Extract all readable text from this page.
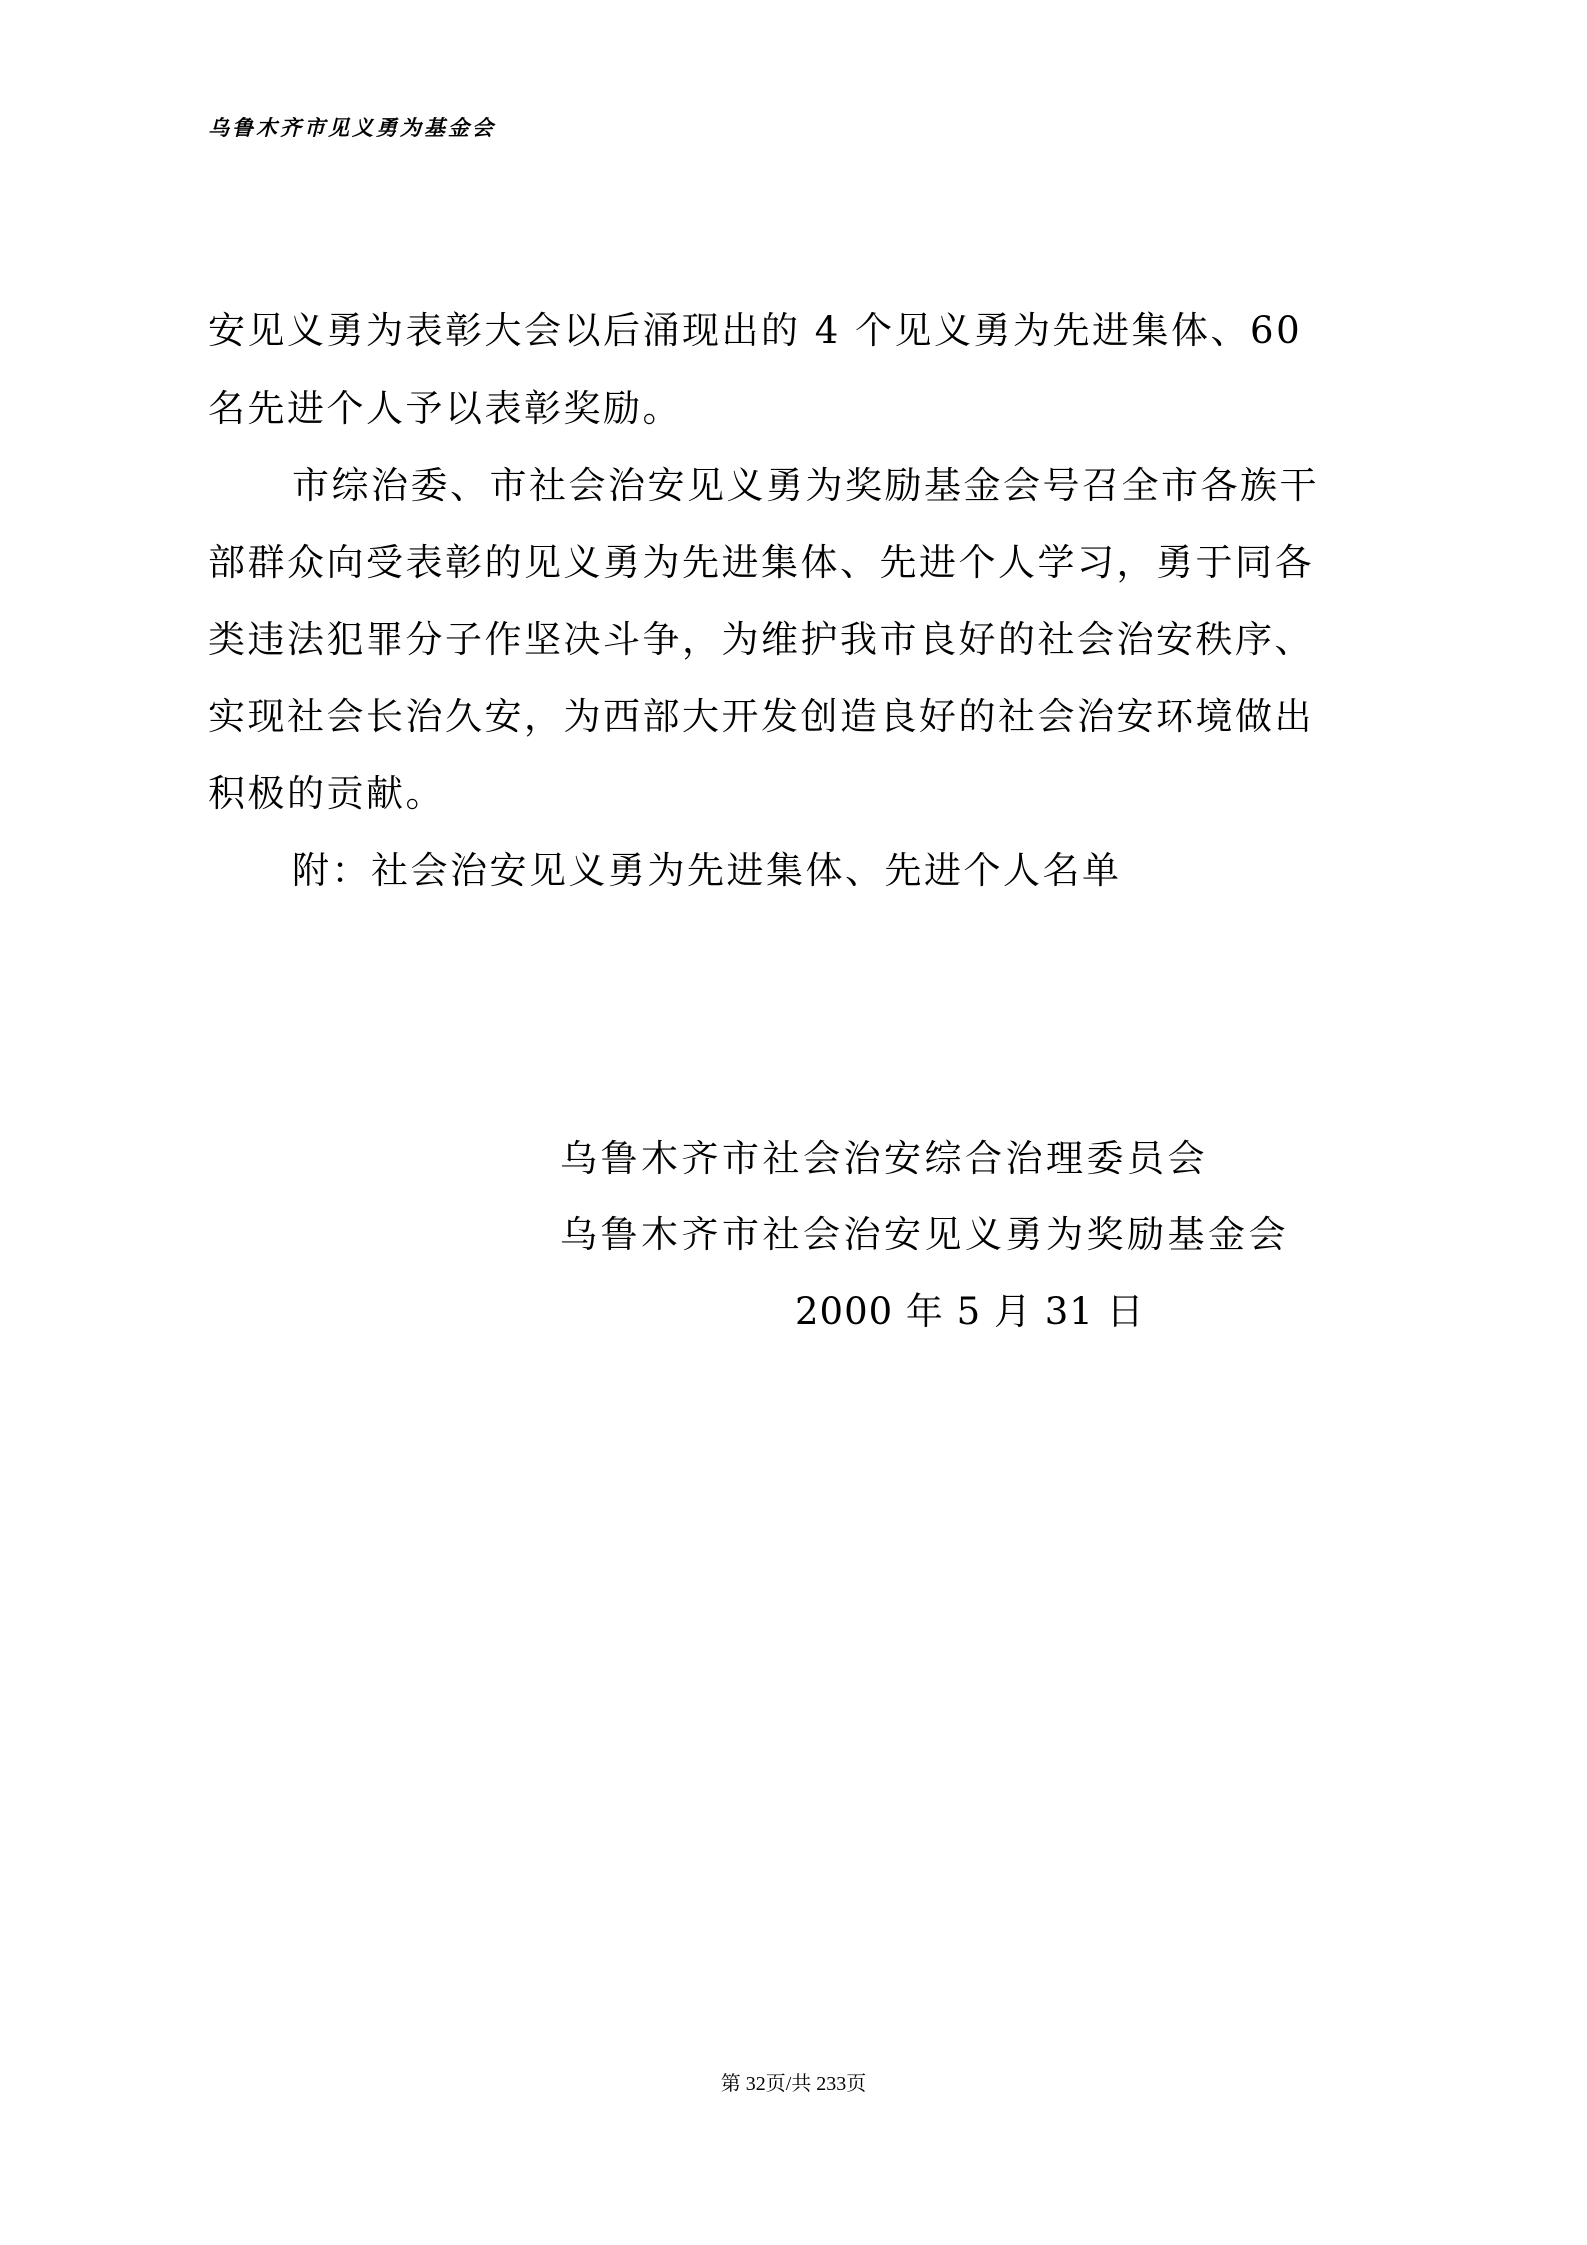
乌鲁木齐市见义勇为基金会
安见义勇为表彰大会以后涌现出的 4 个见义勇为先进集体、60
名先进个人予以表彰奖励。
市综治委、市社会治安见义勇为奖励基金会号召全市各族干
部群众向受表彰的见义勇为先进集体、先进个人学习，勇于同各
类违法犯罪分子作坚决斗争，为维护我市良好的社会治安秩序、
实现社会长治久安，为西部大开发创造良好的社会治安环境做出
积极的贡献。
附：社会治安见义勇为先进集体、先进个人名单
乌鲁木齐市社会治安综合治理委员会
乌鲁木齐市社会治安见义勇为奖励基金会
2000 年 5 月 31 日
第 32页/共 233页
